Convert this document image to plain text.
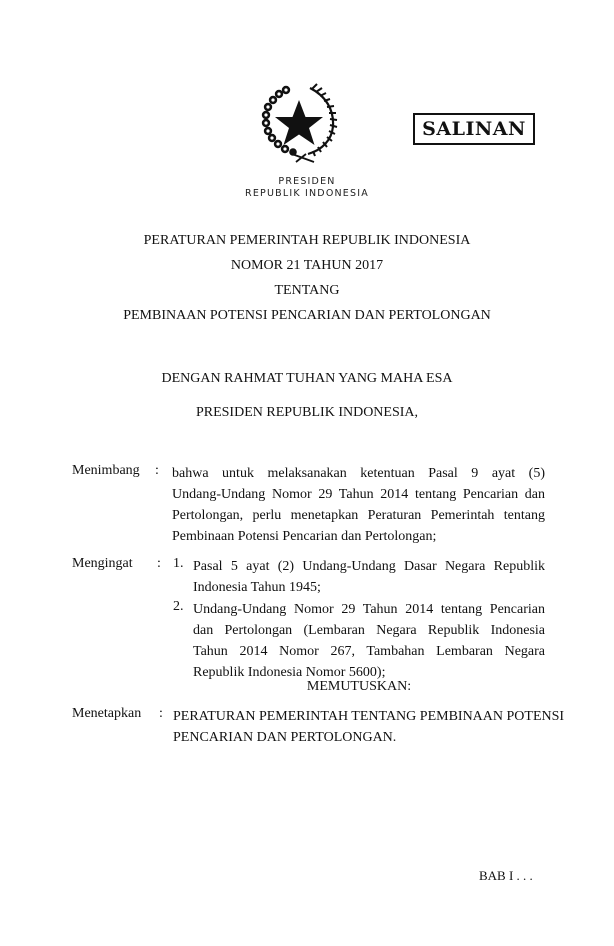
SALINAN
PRESIDEN
REPUBLIK INDONESIA
PERATURAN PEMERINTAH REPUBLIK INDONESIA
NOMOR 21 TAHUN 2017
TENTANG
PEMBINAAN POTENSI PENCARIAN DAN PERTOLONGAN
DENGAN RAHMAT TUHAN YANG MAHA ESA
PRESIDEN REPUBLIK INDONESIA,
Menimbang : bahwa untuk melaksanakan ketentuan Pasal 9 ayat (5)
Undang-Undang Nomor 29 Tahun 2014 tentang Pencarian dan
Pertolongan, perlu menetapkan Peraturan Pemerintah tentang
Pembinaan Potensi Pencarian dan Pertolongan;
Mengingat : 1. Pasal 5 ayat (2) Undang-Undang Dasar Negara Republik
Indonesia Tahun 1945;
2. Undang-Undang Nomor 29 Tahun 2014 tentang Pencarian
dan Pertolongan (Lembaran Negara Republik Indonesia
Tahun 2014 Nomor 267, Tambahan Lembaran Negara
Republik Indonesia Nomor 5600);
MEMUTUSKAN:
Menetapkan : PERATURAN PEMERINTAH TENTANG PEMBINAAN POTENSI
PENCARIAN DAN PERTOLONGAN.
BAB I . . .
